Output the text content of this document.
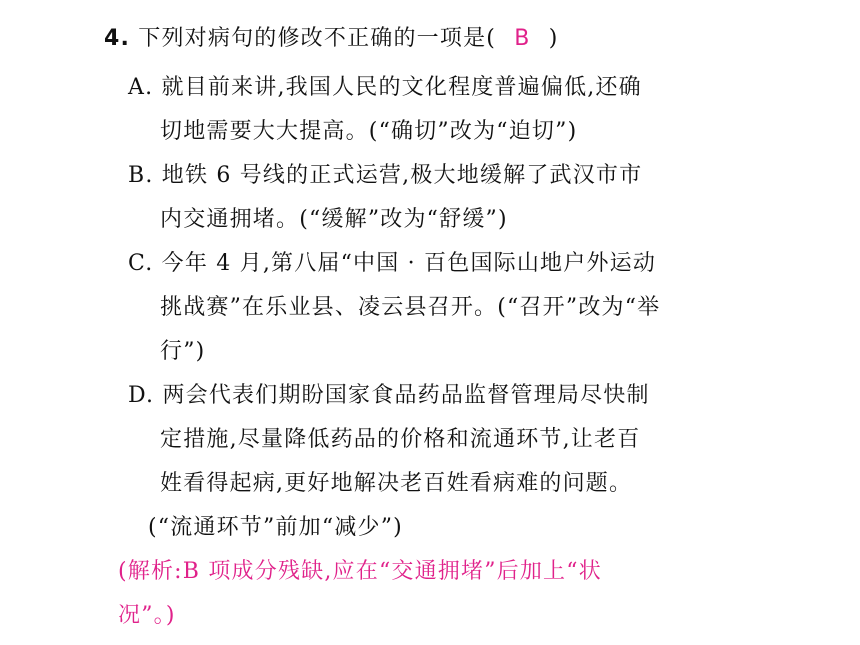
4. 下列对病句的修改不正确的一项是( B )
A. 就目前来讲,我国人民的文化程度普遍偏低,还确
切地需要大大提高。(“确切”改为“迫切”)
B. 地铁 6 号线的正式运营,极大地缓解了武汉市市
内交通拥堵。(“缓解”改为“舒缓”)
C. 今年 4 月,第八届“中国 · 百色国际山地户外运动
挑战赛”在乐业县、凌云县召开。(“召开”改为“举
行”)
D. 两会代表们期盼国家食品药品监督管理局尽快制
定措施,尽量降低药品的价格和流通环节,让老百
姓看得起病,更好地解决老百姓看病难的问题。
(“流通环节”前加“减少”)
(解析:B 项成分残缺,应在“交通拥堵”后加上“状
况”。)
